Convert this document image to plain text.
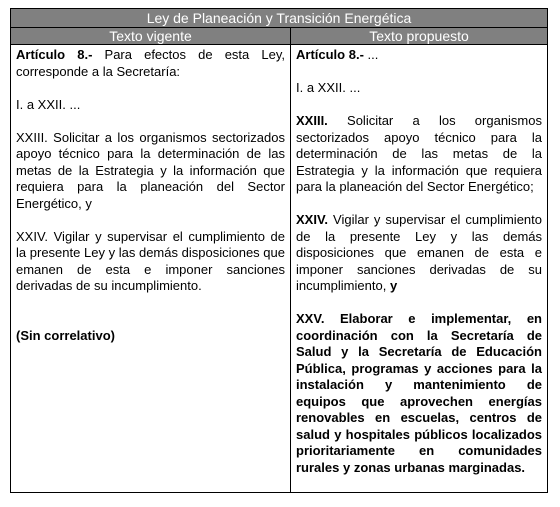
Ley de Planeación y Transición Energética
Texto vigente	Texto propuesto

Artículo 8.- Para efectos de esta Ley, corresponde a la Secretaría:

I. a XXII. ...

XXIII. Solicitar a los organismos sectorizados apoyo técnico para la determinación de las metas de la Estrategia y la información que requiera para la planeación del Sector Energético, y

XXIV. Vigilar y supervisar el cumplimiento de la presente Ley y las demás disposiciones que emanen de esta e imponer sanciones derivadas de su incumplimiento.

(Sin correlativo)

Artículo 8.- ...

I. a XXII. ...

XXIII. Solicitar a los organismos sectorizados apoyo técnico para la determinación de las metas de la Estrategia y la información que requiera para la planeación del Sector Energético;

XXIV. Vigilar y supervisar el cumplimiento de la presente Ley y las demás disposiciones que emanen de esta e imponer sanciones derivadas de su incumplimiento, y

XXV. Elaborar e implementar, en coordinación con la Secretaría de Salud y la Secretaría de Educación Pública, programas y acciones para la instalación y mantenimiento de equipos que aprovechen energías renovables en escuelas, centros de salud y hospitales públicos localizados prioritariamente en comunidades rurales y zonas urbanas marginadas.
